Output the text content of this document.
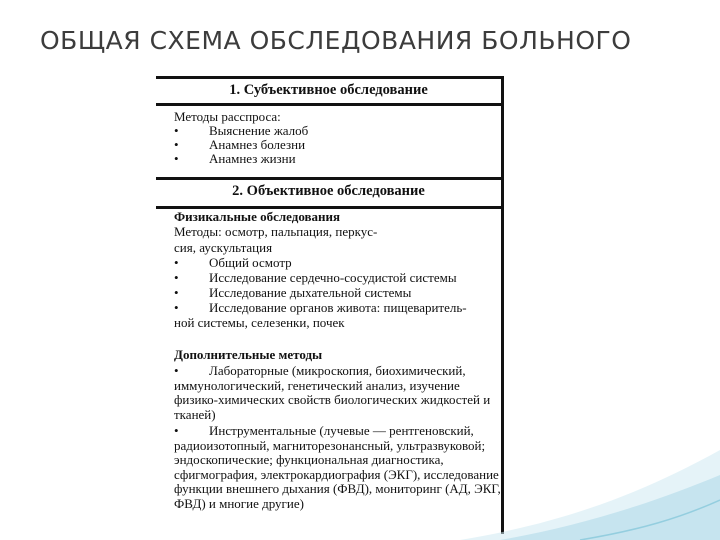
ОБЩАЯ СХЕМА ОБСЛЕДОВАНИЯ БОЛЬНОГО
1. Субъективное обследование
Методы расспроса:
• Выяснение жалоб
• Анамнез болезни
• Анамнез жизни
2. Объективное обследование
Физикальные обследования
Методы: осмотр, пальпация, перкус-
сия, аускультация
• Общий осмотр
• Исследование сердечно-сосудистой системы
• Исследование дыхательной системы
• Исследование органов живота: пищеваритель-
ной системы, селезенки, почек
Дополнительные методы
• Лабораторные (микроскопия, биохимический, иммунологический, генетический анализ, изучение физико-химических свойств биологических жидкостей и тканей)
• Инструментальные (лучевые — рентгеновский, радиоизотопный, магниторезонансный, ультразвуковой; эндоскопические; функциональная диагностика, сфигмография, электрокардиография (ЭКГ), исследование функции внешнего дыхания (ФВД), мониторинг (АД, ЭКГ, ФВД) и многие другие)
